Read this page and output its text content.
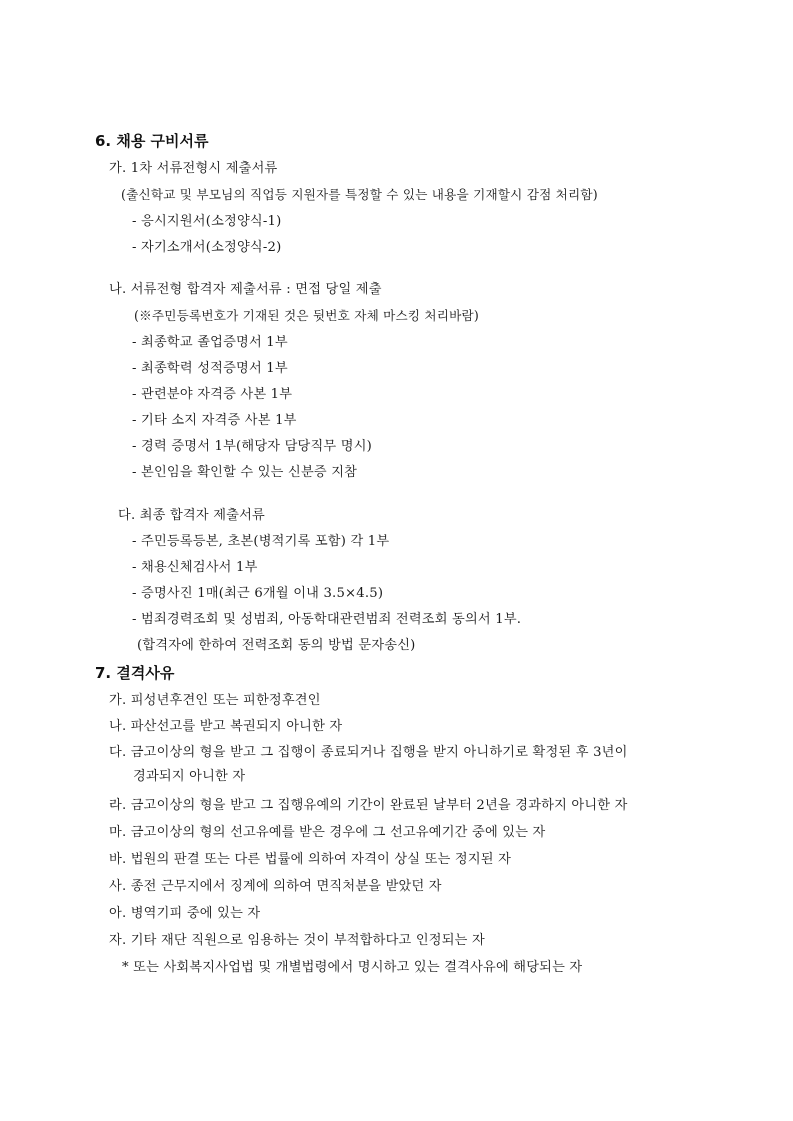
6. 채용 구비서류
가. 1차 서류전형시 제출서류
(출신학교 및 부모님의 직업등 지원자를 특정할 수 있는 내용을 기재할시 감점 처리함)
- 응시지원서(소정양식-1)
- 자기소개서(소정양식-2)
나. 서류전형 합격자 제출서류 : 면접 당일 제출
(※주민등록번호가 기재된 것은 뒷번호 자체 마스킹 처리바람)
- 최종학교 졸업증명서 1부
- 최종학력 성적증명서 1부
- 관련분야 자격증 사본 1부
- 기타 소지 자격증 사본 1부
- 경력 증명서 1부(해당자 담당직무 명시)
- 본인임을 확인할 수 있는 신분증 지참
다. 최종 합격자 제출서류
- 주민등록등본, 초본(병적기록 포함) 각 1부
- 채용신체검사서 1부
- 증명사진 1매(최근 6개월 이내 3.5×4.5)
- 범죄경력조회 및 성범죄, 아동학대관련범죄 전력조회 동의서 1부.
(합격자에 한하여 전력조회 동의 방법 문자송신)
7. 결격사유
가. 피성년후견인 또는 피한정후견인
나. 파산선고를 받고 복권되지 아니한 자
다. 금고이상의 형을 받고 그 집행이 종료되거나 집행을 받지 아니하기로 확정된 후 3년이
경과되지 아니한 자
라. 금고이상의 형을 받고 그 집행유예의 기간이 완료된 날부터 2년을 경과하지 아니한 자
마. 금고이상의 형의 선고유예를 받은 경우에 그 선고유예기간 중에 있는 자
바. 법원의 판결 또는 다른 법률에 의하여 자격이 상실 또는 정지된 자
사. 종전 근무지에서 징계에 의하여 면직처분을 받았던 자
아. 병역기피 중에 있는 자
자. 기타 재단 직원으로 임용하는 것이 부적합하다고 인정되는 자
* 또는 사회복지사업법 및 개별법령에서 명시하고 있는 결격사유에 해당되는 자
